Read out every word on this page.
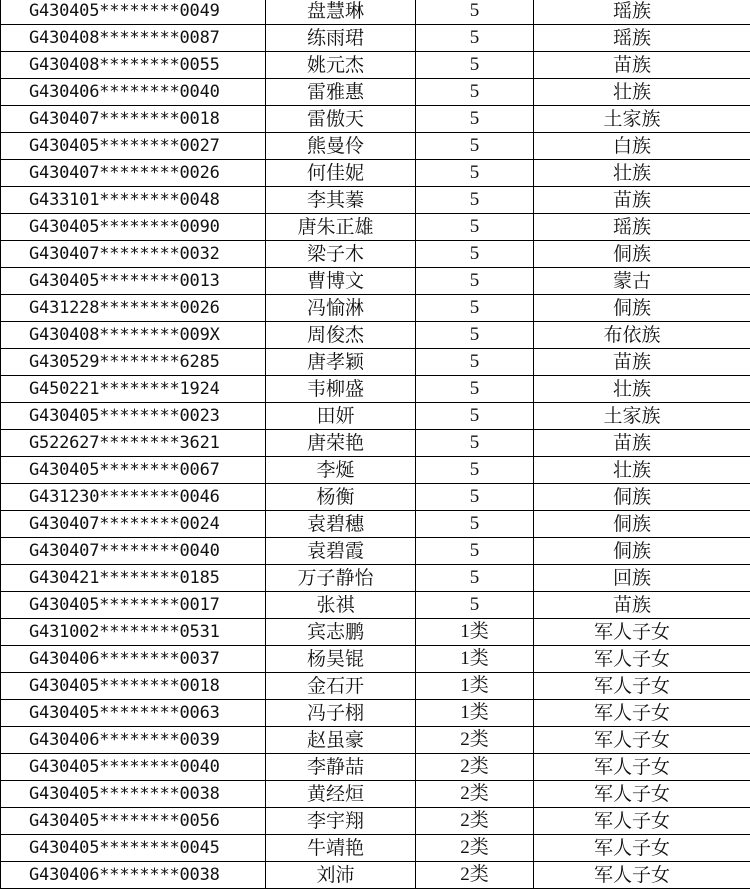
G430405********0049	盘慧琳	5	瑶族
G430408********0087	练雨珺	5	瑶族
G430408********0055	姚元杰	5	苗族
G430406********0040	雷雅惠	5	壮族
G430407********0018	雷傲天	5	土家族
G430405********0027	熊曼伶	5	白族
G430407********0026	何佳妮	5	壮族
G433101********0048	李其蓁	5	苗族
G430405********0090	唐朱正雄	5	瑶族
G430407********0032	梁子木	5	侗族
G430405********0013	曹博文	5	蒙古
G431228********0026	冯愉淋	5	侗族
G430408********009X	周俊杰	5	布依族
G430529********6285	唐孝颖	5	苗族
G450221********1924	韦柳盛	5	壮族
G430405********0023	田妍	5	土家族
G522627********3621	唐荣艳	5	苗族
G430405********0067	李烻	5	壮族
G431230********0046	杨衡	5	侗族
G430407********0024	袁碧穗	5	侗族
G430407********0040	袁碧霞	5	侗族
G430421********0185	万子静怡	5	回族
G430405********0017	张祺	5	苗族
G431002********0531	宾志鹏	1类	军人子女
G430406********0037	杨昊锟	1类	军人子女
G430405********0018	金石开	1类	军人子女
G430405********0063	冯子栩	1类	军人子女
G430406********0039	赵虽豪	2类	军人子女
G430405********0040	李静喆	2类	军人子女
G430405********0038	黄经烜	2类	军人子女
G430405********0056	李宇翔	2类	军人子女
G430405********0045	牛靖艳	2类	军人子女
G430406********0038	刘沛	2类	军人子女
